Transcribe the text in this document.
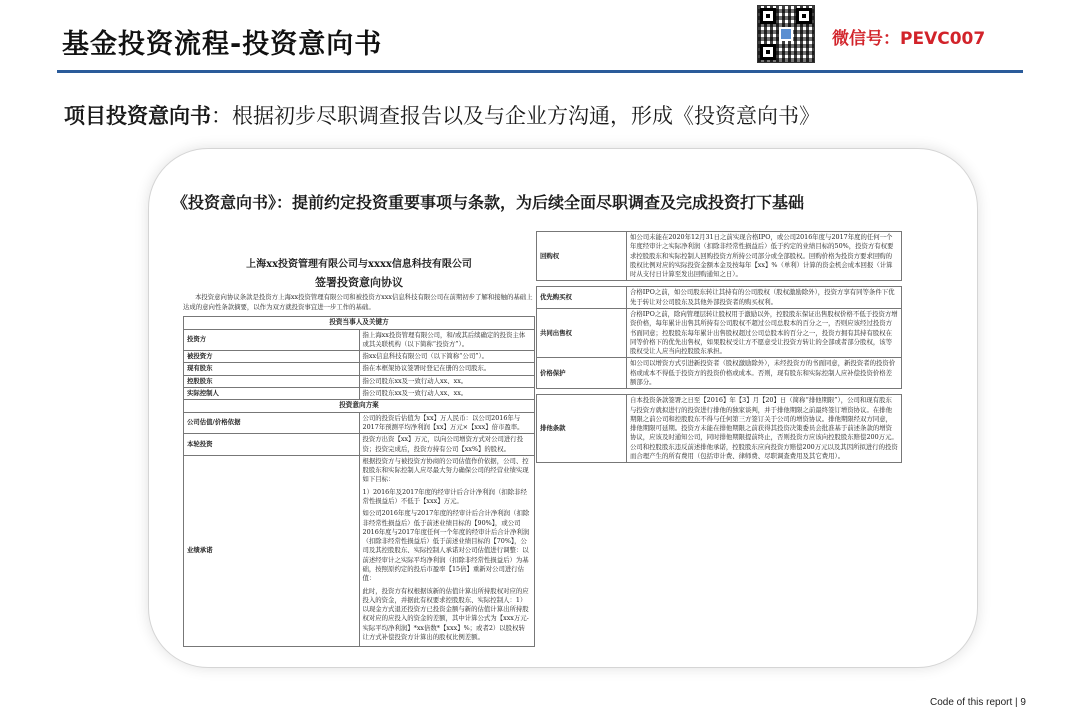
基金投资流程-投资意向书	微信号：PEVC007
项目投资意向书：根据初步尽职调查报告以及与企业方沟通，形成《投资意向书》
《投资意向书》：提前约定投资重要事项与条款，为后续全面尽职调查及完成投资打下基础
上海xx投资管理有限公司与xxxx信息科技有限公司
签署投资意向协议
本投资意向协议条款是投资方上海xx投资管理有限公司和被投资方xxx信息科技有限公司在前期初步了解和接触的基础上达成的意向性条款摘要，以作为双方就投资事宜进一步工作的基础。
投资当事人及关键方	
投资方	指上海xx投资管理有限公司，和/或其后续确定的投资主体或其关联机构（以下简称“投资方”）。
被投资方	指xx信息科技有限公司（以下简称“公司”）。
现有股东	指在本框架协议签署时登记在册的公司股东。
控股股东	指公司股东xx及一致行动人xx、xx。
实际控制人	指公司股东xx及一致行动人xx、xx。
投资意向方案	
公司估值/价格依据	公司的投资后估值为【xx】万人民币：以公司2016年与2017年预测平均净利润【xx】万元×【xxx】倍市盈率。
本轮投资	投资方出资【xx】万元，以向公司增资方式对公司进行投资；投资完成后，投资方持有公司【xx%】的股权。
业绩承诺	根据投资方与被投资方协商的公司估值作价依据，公司、控股股东和实际控制人应尽最大努力确保公司的经营业绩实现如下目标：

1）2016年及2017年度的经审计后合计净利润（扣除非经常性损益后）不低于【xxx】万元。

如公司2016年度与2017年度的经审计后合计净利润（扣除非经常性损益后）低于前述业绩目标的【90%】，或公司2016年度与2017年度任何一个年度的经审计后合计净利润（扣除非经常性损益后）低于前述业绩目标的【70%】，公司及其控股股东、实际控制人承诺对公司估值进行调整：以前述经审计之实际平均净利润（扣除非经常性损益后）为基础，按照原约定的投后市盈率【15倍】重新对公司进行估值：

此时，投资方有权根据该新的估值计算出所持股权对应的应投入的资金，并据此有权要求控股股东、实际控制人：1）以现金方式退还投资方已投资金额与新的估值计算出所持股权对应的应投入的资金的差额，其中计算公式为【xxx万元-实际平均净利润】*xx倍数*【xxx】%；或者2）以股权转让方式补偿投资方计算出的股权比例差额。

回购权	如公司未能在2020年12月31日之前实现合格IPO，或公司2016年度与2017年度的任何一个年度经审计之实际净利润（扣除非经常性损益后）低于约定的业绩目标的50%，投资方有权要求控股股东和实际控制人回购投资方所持公司部分或全部股权。回购价格为投资方要求回购的股权比例对应的实际投资金额本金及按每年【xx】%（单利）计算的资金机会成本回报（计算时从支付日计算至发出回购通知之日）。

优先购买权	合格IPO之前，如公司股东转让其持有的公司股权（股权激励除外），投资方享有同等条件下优先于转让对公司股东及其他外部投资者的购买权利。
共同出售权	合格IPO之前，除向管理层转让股权用于激励以外，控股股东保证出售股权价格不低于投资方增资价格，每年累计出售其所持有公司股权不超过公司总股本的百分之一，否则应该经过投资方书面同意；控股股东每年累计出售股权超过公司总股本的百分之一，投资方拥有其持有股权在同等价格下的优先出售权，如果股权受让方不愿意受让投资方转让的全部或者部分股权，该等股权受让人应当向控股股东承担。
价格保护	如公司以增资方式引进新投资者（股权激励除外），未经投资方的书面同意，新投资者的投资价格或成本不得低于投资方的投资价格或成本。否则，现有股东和实际控制人应补偿投资价格差额部分。

排他条款	自本投资条款签署之日至【2016】年【3】月【20】日（简称“排他期限”），公司和现有股东与投资方就拟进行的投资进行排他的独家谈判，并于排他期限之前最终签订增资协议。在排他期限之前公司和控股股东不得与任何第三方签订关于公司的增资协议。排他期限经双方同意，排他期限可延期。投资方未能在排他期限之前获得其投资决策委员会批准基于前述条款的增资协议，应该及时通知公司，同时排他期限提前终止，否则投资方应该向控股股东赔偿200万元。公司和控股股东违反前述排他承诺，控股股东应向投资方赔偿200万元以及其因所拟进行的投资而合理产生的所有费用（包括审计费、律师费、尽职调查费用及其它费用）。
Code of this report | 9
